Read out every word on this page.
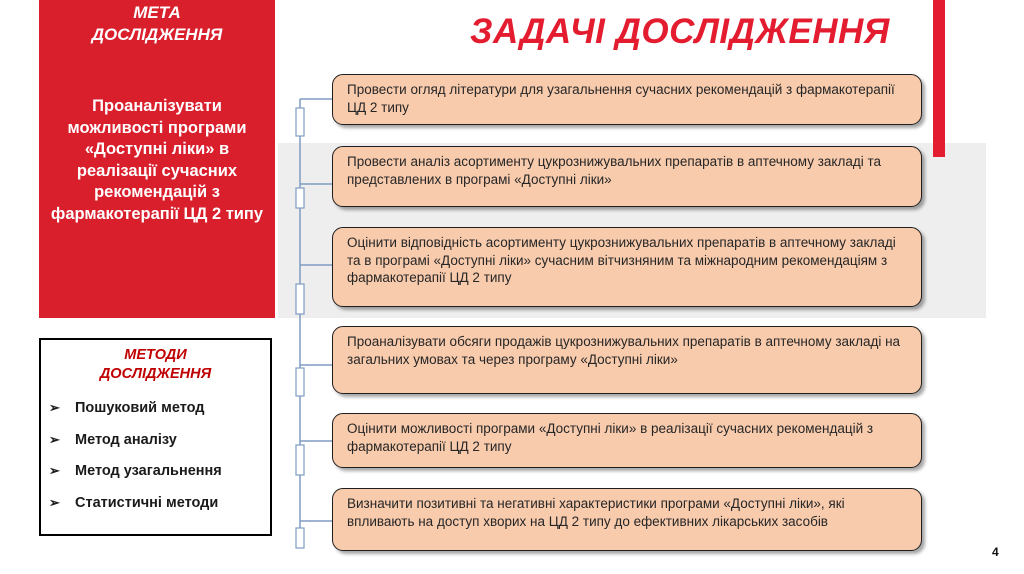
МЕТА
ДОСЛІДЖЕННЯ
Проаналізувати можливості програми «Доступні ліки» в реалізації сучасних рекомендацій з фармакотерапії ЦД 2 типу
МЕТОДИ
ДОСЛІДЖЕННЯ
➢ Пошуковий метод
➢ Метод аналізу
➢ Метод узагальнення
➢ Статистичні методи
ЗАДАЧІ ДОСЛІДЖЕННЯ
Провести огляд літератури для узагальнення сучасних рекомендацій з фармакотерапії ЦД 2 типу
Провести аналіз асортименту цукрознижувальних препаратів в аптечному закладі та представлених в програмі «Доступні ліки»
Оцінити відповідність асортименту цукрознижувальних препаратів в аптечному закладі та в програмі «Доступні ліки» сучасним вітчизняним та міжнародним рекомендаціям з фармакотерапії ЦД 2 типу
Проаналізувати обсяги продажів цукрознижувальних препаратів в аптечному закладі на загальних умовах та через програму «Доступні ліки»
Оцінити можливості програми «Доступні ліки» в реалізації сучасних рекомендацій з фармакотерапії ЦД 2 типу
Визначити позитивні та негативні характеристики програми «Доступні ліки», які впливають на доступ хворих на ЦД 2 типу до ефективних лікарських засобів
4
